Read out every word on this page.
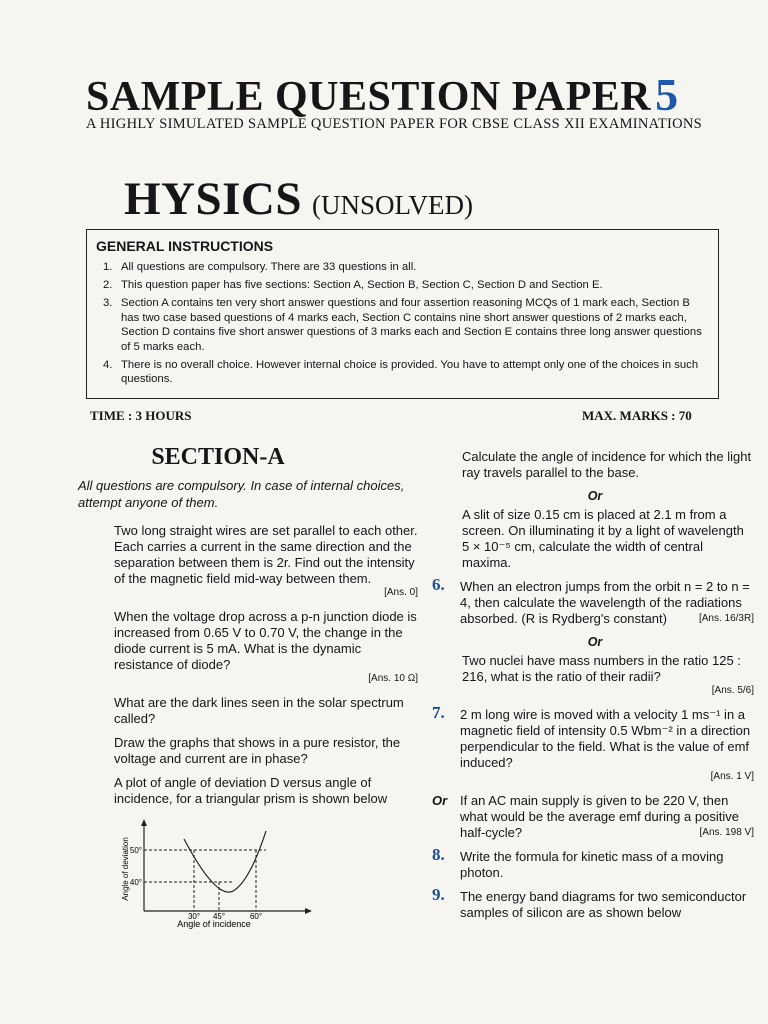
SAMPLE QUESTION PAPER5
A HIGHLY SIMULATED SAMPLE QUESTION PAPER FOR CBSE CLASS XII EXAMINATIONS
HYSICS (UNSOLVED)
GENERAL INSTRUCTIONS
1. All questions are compulsory. There are 33 questions in all.
2. This question paper has five sections: Section A, Section B, Section C, Section D and Section E.
3. Section A contains ten very short answer questions and four assertion reasoning MCQs of 1 mark each, Section B has two case based questions of 4 marks each, Section C contains nine short answer questions of 2 marks each, Section D contains five short answer questions of 3 marks each and Section E contains three long answer questions of 5 marks each.
4. There is no overall choice. However internal choice is provided. You have to attempt only one of the choices in such questions.
TIME : 3 HOURS	MAX. MARKS : 70
SECTION-A
All questions are compulsory. In case of internal choices, attempt anyone of them.
Two long straight wires are set parallel to each other. Each carries a current in the same direction and the separation between them is 2r. Find out the intensity of the magnetic field mid-way between them.
[Ans. 0]
When the voltage drop across a p-n junction diode is increased from 0.65 V to 0.70 V, the change in the diode current is 5 mA. What is the dynamic resistance of diode?
[Ans. 10 Ω]
What are the dark lines seen in the solar spectrum called?
Draw the graphs that shows in a pure resistor, the voltage and current are in phase?
A plot of angle of deviation D versus angle of incidence, for a triangular prism is shown below
50°
40°
30° 45°	60°
Angle of incidence
Angle of deviation
Calculate the angle of incidence for which the light ray travels parallel to the base.
Or
A slit of size 0.15 cm is placed at 2.1 m from a screen. On illuminating it by a light of wavelength 5 × 10⁻⁵ cm, calculate the width of central maxima.
6.	When an electron jumps from the orbit n = 2 to n = 4, then calculate the wavelength of the radiations absorbed. (R is Rydberg's constant)	[Ans. 16/3R]
Or
Two nuclei have mass numbers in the ratio 125 : 216, what is the ratio of their radii?
[Ans. 5/6]
7.	2 m long wire is moved with a velocity 1 ms⁻¹ in a magnetic field of intensity 0.5 Wbm⁻² in a direction perpendicular to the field. What is the value of emf induced?
[Ans. 1 V]
Or If an AC main supply is given to be 220 V, then what would be the average emf during a positive half-cycle?	[Ans. 198 V]
8.	Write the formula for kinetic mass of a moving photon.
9.	The energy band diagrams for two semiconductor samples of silicon are as shown below
